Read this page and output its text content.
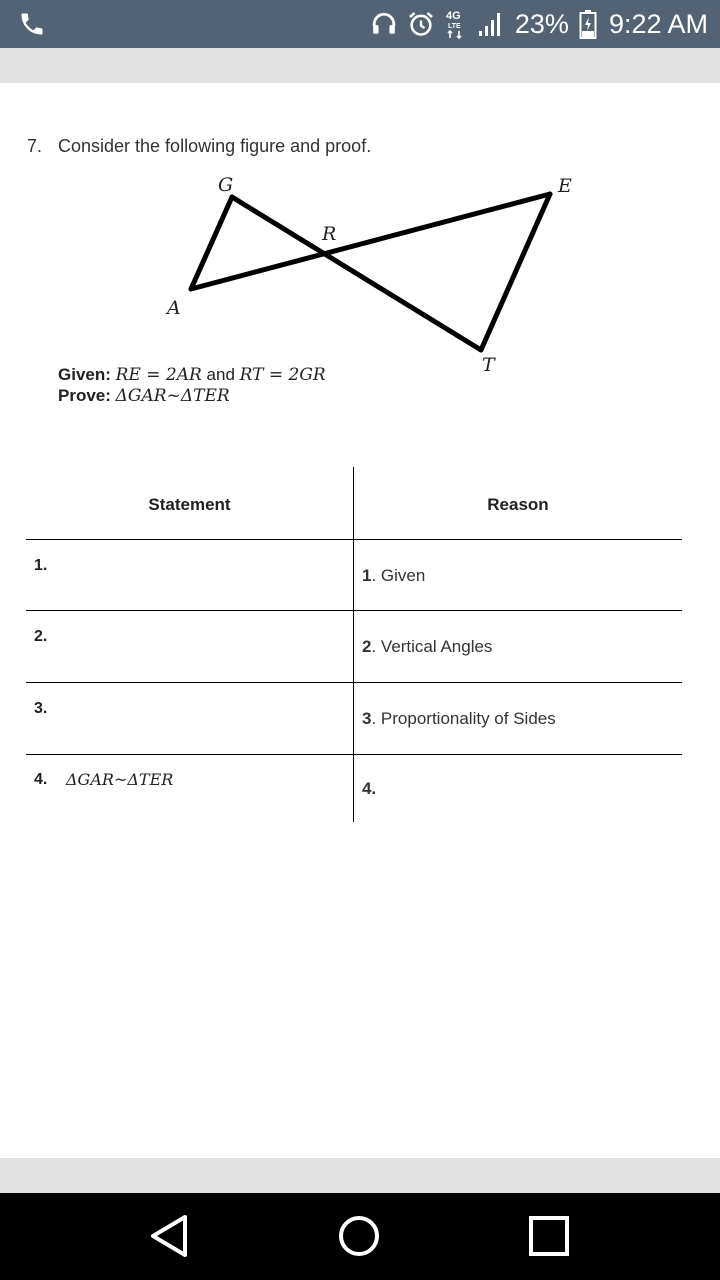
4G
LTE 23% 9:22 AM
7. Consider the following figure and proof.
G	E
R
A
T
Given: RE = 2AR and RT = 2GR
Prove: ΔGAR~ΔTER
Statement	Reason
1.
2.
3.
4. ΔGAR~ΔTER
1. Given
2. Vertical Angles
3. Proportionality of Sides
4.
